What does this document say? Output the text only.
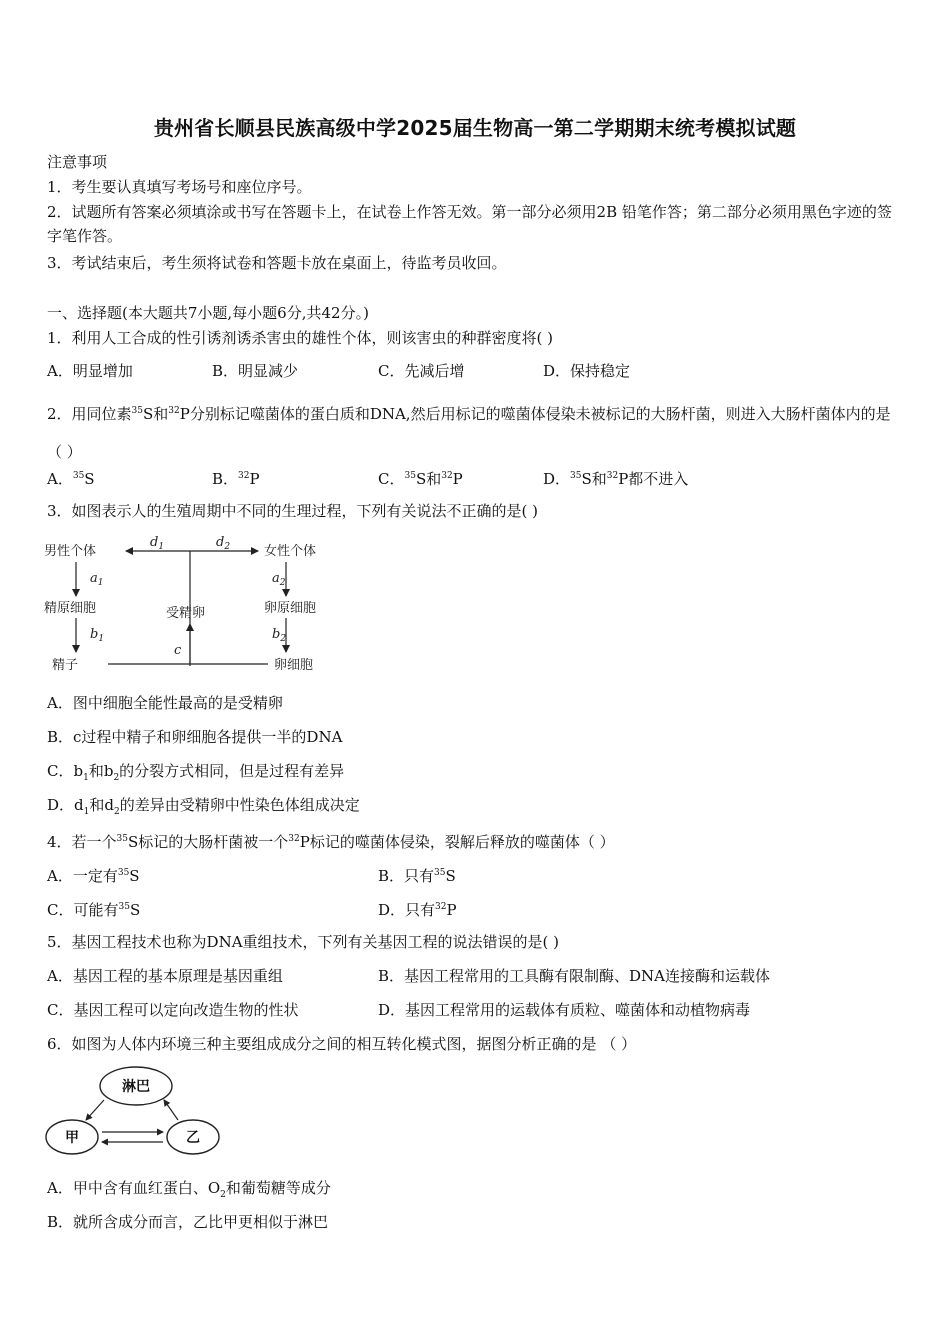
贵州省长顺县民族高级中学2025届生物高一第二学期期末统考模拟试题
注意事项
1．考生要认真填写考场号和座位序号。
2．试题所有答案必须填涂或书写在答题卡上，在试卷上作答无效。第一部分必须用2B 铅笔作答；第二部分必须用黑色字迹的签字笔作答。
3．考试结束后，考生须将试卷和答题卡放在桌面上，待监考员收回。
一、选择题(本大题共7小题,每小题6分,共42分。)
1．利用人工合成的性引诱剂诱杀害虫的雄性个体，则该害虫的种群密度将( )
A．明显增加	B．明显减少	C．先减后增	D．保持稳定
2．用同位素$^{35}$S和$^{32}$P分别标记噬菌体的蛋白质和DNA,然后用标记的噬菌体侵染未被标记的大肠杆菌，则进入大肠杆菌体内的是（ ）
A．$^{35}$S	B．$^{32}$P	C．$^{35}$S和$^{32}$P	D．$^{35}$S和$^{32}$P都不进入
3．如图表示人的生殖周期中不同的生理过程，下列有关说法不正确的是( )
男性个体	女性个体
精原细胞	受精卵	卵原细胞
精子	卵细胞
$d_1$	$d_2$
$a_1$
$b_1$
$a_2$
$b_2$
c
A．图中细胞全能性最高的是受精卵
B．c过程中精子和卵细胞各提供一半的DNA
C．$b_1$和$b_2$的分裂方式相同，但是过程有差异
D．$d_1$和$d_2$的差异由受精卵中性染色体组成决定
4．若一个$^{35}$S标记的大肠杆菌被一个$^{32}$P标记的噬菌体侵染，裂解后释放的噬菌体（ ）
A．一定有$^{35}$S	B．只有$^{35}$S
C．可能有$^{35}$S	D．只有$^{32}$P
5．基因工程技术也称为DNA重组技术，下列有关基因工程的说法错误的是( )
A．基因工程的基本原理是基因重组	B．基因工程常用的工具酶有限制酶、DNA连接酶和运载体
C．基因工程可以定向改造生物的性状	D．基因工程常用的运载体有质粒、噬菌体和动植物病毒
6．如图为人体内环境三种主要组成成分之间的相互转化模式图，据图分析正确的是 （ ）
淋巴
甲	乙
A．甲中含有血红蛋白、$O_2$和葡萄糖等成分
B．就所含成分而言，乙比甲更相似于淋巴
